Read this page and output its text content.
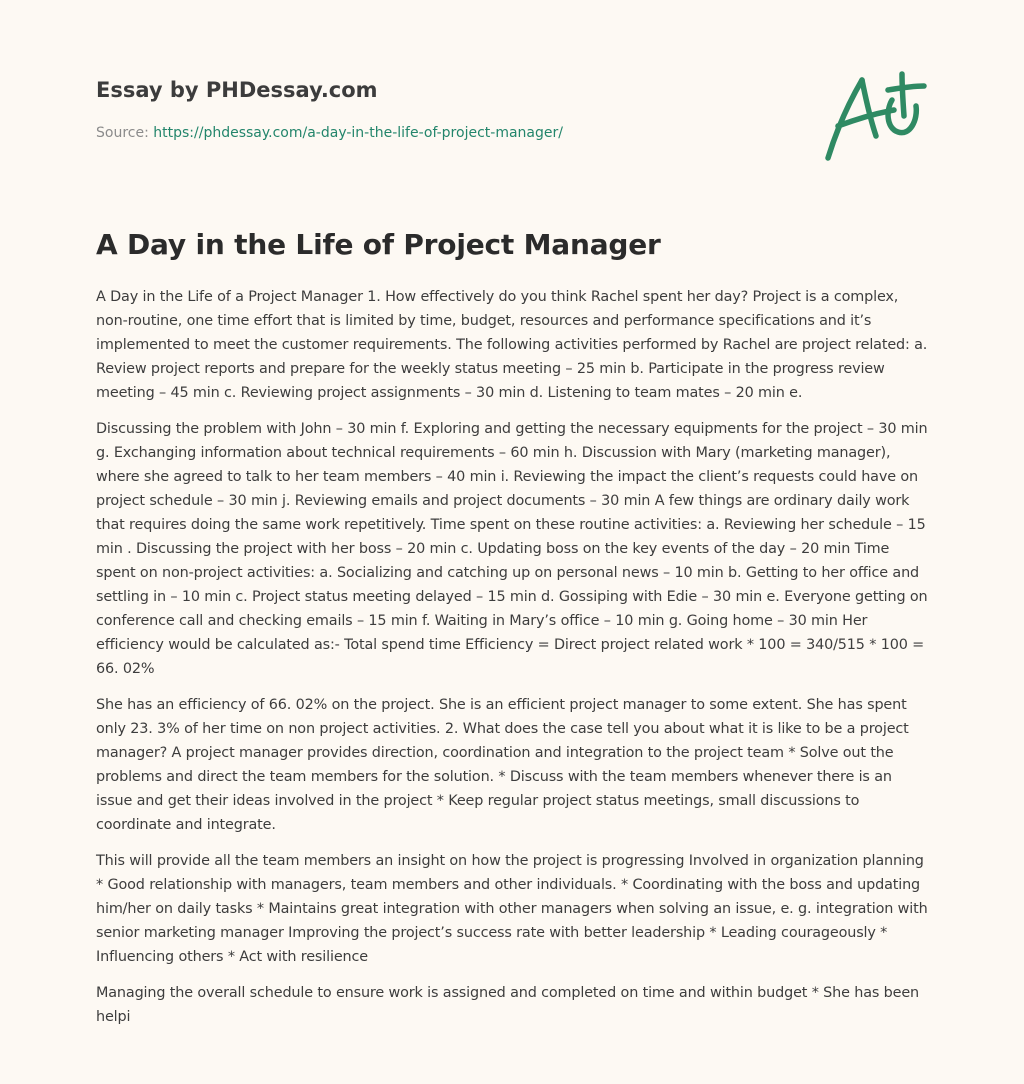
Essay by PHDessay.com
Source: https://phdessay.com/a-day-in-the-life-of-project-manager/
A Day in the Life of Project Manager

A Day in the Life of a Project Manager 1. How effectively do you think Rachel spent her day? Project is a complex, non-routine, one time effort that is limited by time, budget, resources and performance specifications and it’s implemented to meet the customer requirements. The following activities performed by Rachel are project related: a. Review project reports and prepare for the weekly status meeting – 25 min b. Participate in the progress review meeting – 45 min c. Reviewing project assignments – 30 min d. Listening to team mates – 20 min e.

Discussing the problem with John – 30 min f. Exploring and getting the necessary equipments for the project – 30 min g. Exchanging information about technical requirements – 60 min h. Discussion with Mary (marketing manager), where she agreed to talk to her team members – 40 min i. Reviewing the impact the client’s requests could have on project schedule – 30 min j. Reviewing emails and project documents – 30 min A few things are ordinary daily work that requires doing the same work repetitively. Time spent on these routine activities: a. Reviewing her schedule – 15 min . Discussing the project with her boss – 20 min c. Updating boss on the key events of the day – 20 min Time spent on non-project activities: a. Socializing and catching up on personal news – 10 min b. Getting to her office and settling in – 10 min c. Project status meeting delayed – 15 min d. Gossiping with Edie – 30 min e. Everyone getting on conference call and checking emails – 15 min f. Waiting in Mary’s office – 10 min g. Going home – 30 min Her efficiency would be calculated as:- Total spend time Efficiency = Direct project related work * 100 = 340/515 * 100 = 66. 02%

She has an efficiency of 66. 02% on the project. She is an efficient project manager to some extent. She has spent only 23. 3% of her time on non project activities. 2. What does the case tell you about what it is like to be a project manager? A project manager provides direction, coordination and integration to the project team * Solve out the problems and direct the team members for the solution. * Discuss with the team members whenever there is an issue and get their ideas involved in the project * Keep regular project status meetings, small discussions to coordinate and integrate.

This will provide all the team members an insight on how the project is progressing Involved in organization planning * Good relationship with managers, team members and other individuals. * Coordinating with the boss and updating him/her on daily tasks * Maintains great integration with other managers when solving an issue, e. g. integration with senior marketing manager Improving the project’s success rate with better leadership * Leading courageously * Influencing others * Act with resilience

Managing the overall schedule to ensure work is assigned and completed on time and within budget * She has been helpi
